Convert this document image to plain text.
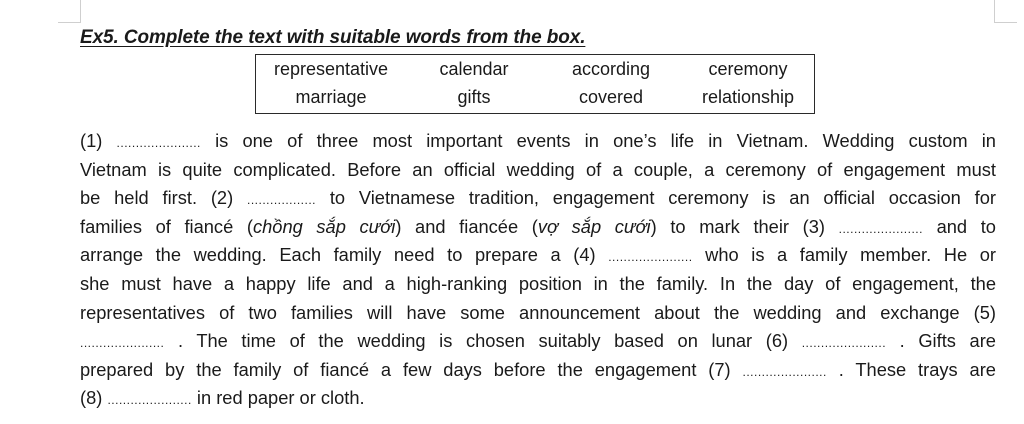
Ex5. Complete the text with suitable words from the box.
representative	calendar	according	ceremony
marriage	gifts	covered	relationship
(1) ...................... is one of three most important events in one’s life in Vietnam. Wedding custom in
Vietnam is quite complicated. Before an official wedding of a couple, a ceremony of engagement must
be held first. (2) .................. to Vietnamese tradition, engagement ceremony is an official occasion for
families of fiancé (chồng sắp cưới) and fiancée (vợ sắp cưới) to mark their (3) ...................... and to
arrange the wedding. Each family need to prepare a (4) ...................... who is a family member. He or
she must have a happy life and a high-ranking position in the family. In the day of engagement, the
representatives of two families will have some announcement about the wedding and exchange (5)
...................... . The time of the wedding is chosen suitably based on lunar (6) ...................... . Gifts are
prepared by the family of fiancé a few days before the engagement (7) ...................... . These trays are
(8) ...................... in red paper or cloth.
